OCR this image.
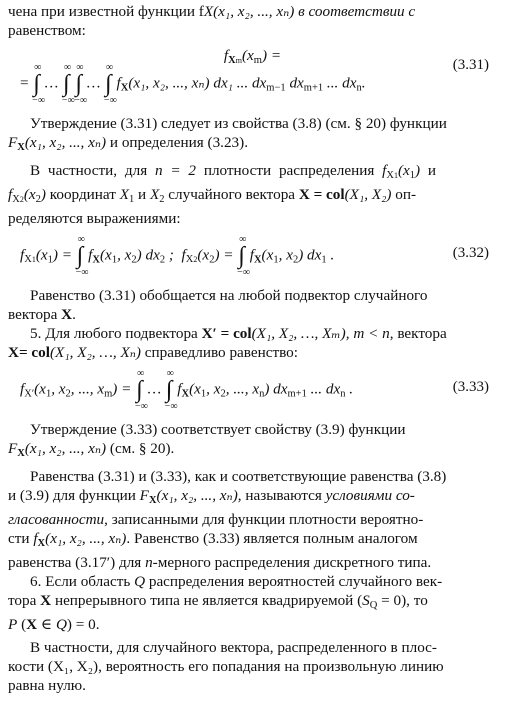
чена при известной функции fX(x₁, x₂, ..., xₙ) в соответствии с

равенством:

$f_{Xm}(x_m)$ =
= ∫
∞
−∞
… ∫
∞
−∞
∫
∞
−∞
… ∫
∞
−∞
$f_X(x_1$, x₂, ..., xₙ) dx₁ ... $dx_{m-1}$ $dx_{m+1}$ ... $dx_n$.
(3.31)

Утверждение (3.31) следует из свойства (3.8) (см. § 20) функции

$F_X(x_1$, x₂, ..., xₙ) и определения (3.23).

В частности, для n = 2 плотности распределения $f_{X1}(x_1)$ и

$f_{X2}(x_2)$ координат $X_1$ и $X_2$ случайного вектора X = col(X₁, X₂) оп-

ределяются выражениями:

$f_{X1}(x_1)$ = ∫
∞
−∞
$f_X(x_1$, $x_2$) $dx_2$ ;  $f_{X2}(x_2)$ = ∫
∞
−∞
$f_X(x_1$, $x_2$) $dx_1$ .	(3.32)

Равенство (3.31) обобщается на любой подвектор случайного

вектора X.

5. Для любого подвектора X′ = col(X₁, X₂, …, Xₘ), m < n, вектора

X= col(X₁, X₂, …, Xₙ) справедливо равенство:

$f_{X'}(x_1$, $x_2$, ..., $x_m$) = ∫
∞
−∞
… ∫
∞
−∞
$f_X(x_1$, $x_2$, ..., $x_n$) $dx_{m+1}$ ... $dx_n$ .	(3.33)

Утверждение (3.33) соответствует свойству (3.9) функции

$F_X(x_1$, x₂, ..., xₙ) (см. § 20).

Равенства (3.31) и (3.33), как и соответствующие равенства (3.8)

и (3.9) для функции $F_X(x_1$, x₂, ..., xₙ), называются условиями со-

гласованности, записанными для функции плотности вероятно-

сти $f_X(x_1$, x₂, ..., xₙ). Равенство (3.33) является полным аналогом

равенства (3.17′) для n-мерного распределения дискретного типа.

6. Если область Q распределения вероятностей случайного век-

тора X непрерывного типа не является квадрируемой $(S_Q = 0)$, то

P (X ∈ Q) = 0.

В частности, для случайного вектора, распределенного в плос-

кости (X₁, X₂), вероятность его попадания на произвольную линию

равна нулю.
